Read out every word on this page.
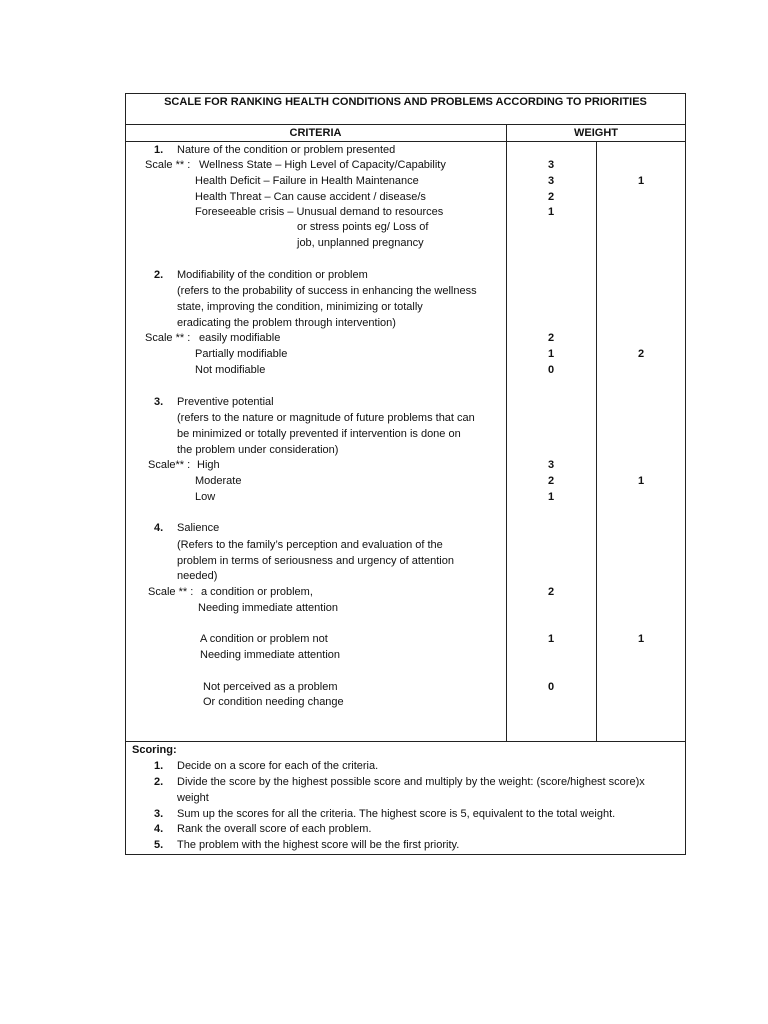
SCALE FOR RANKING HEALTH CONDITIONS AND PROBLEMS ACCORDING TO PRIORITIES
CRITERIA	WEIGHT
1. Nature of the condition or problem presented
Scale ** : Wellness State – High Level of Capacity/Capability
Health Deficit – Failure in Health Maintenance
Health Threat – Can cause accident / disease/s
Foreseeable crisis – Unusual demand to resources
or stress points eg/ Loss of
job, unplanned pregnancy
3
3
2
1
1
2. Modifiability of the condition or problem
(refers to the probability of success in enhancing the wellness
state, improving the condition, minimizing or totally
eradicating the problem through intervention)
Scale ** : easily modifiable
Partially modifiable
Not modifiable
2
1
0
2
3. Preventive potential
(refers to the nature or magnitude of future problems that can
be minimized or totally prevented if intervention is done on
the problem under consideration)
Scale** : High
Moderate
Low
3
2
1
1
4. Salience
(Refers to the family’s perception and evaluation of the
problem in terms of seriousness and urgency of attention
needed)
Scale ** : a condition or problem,
Needing immediate attention
A condition or problem not
Needing immediate attention
Not perceived as a problem
Or condition needing change
2
1
0
1
Scoring:
1. Decide on a score for each of the criteria.
2. Divide the score by the highest possible score and multiply by the weight: (score/highest score)x
weight
3. Sum up the scores for all the criteria. The highest score is 5, equivalent to the total weight.
4. Rank the overall score of each problem.
5. The problem with the highest score will be the first priority.
